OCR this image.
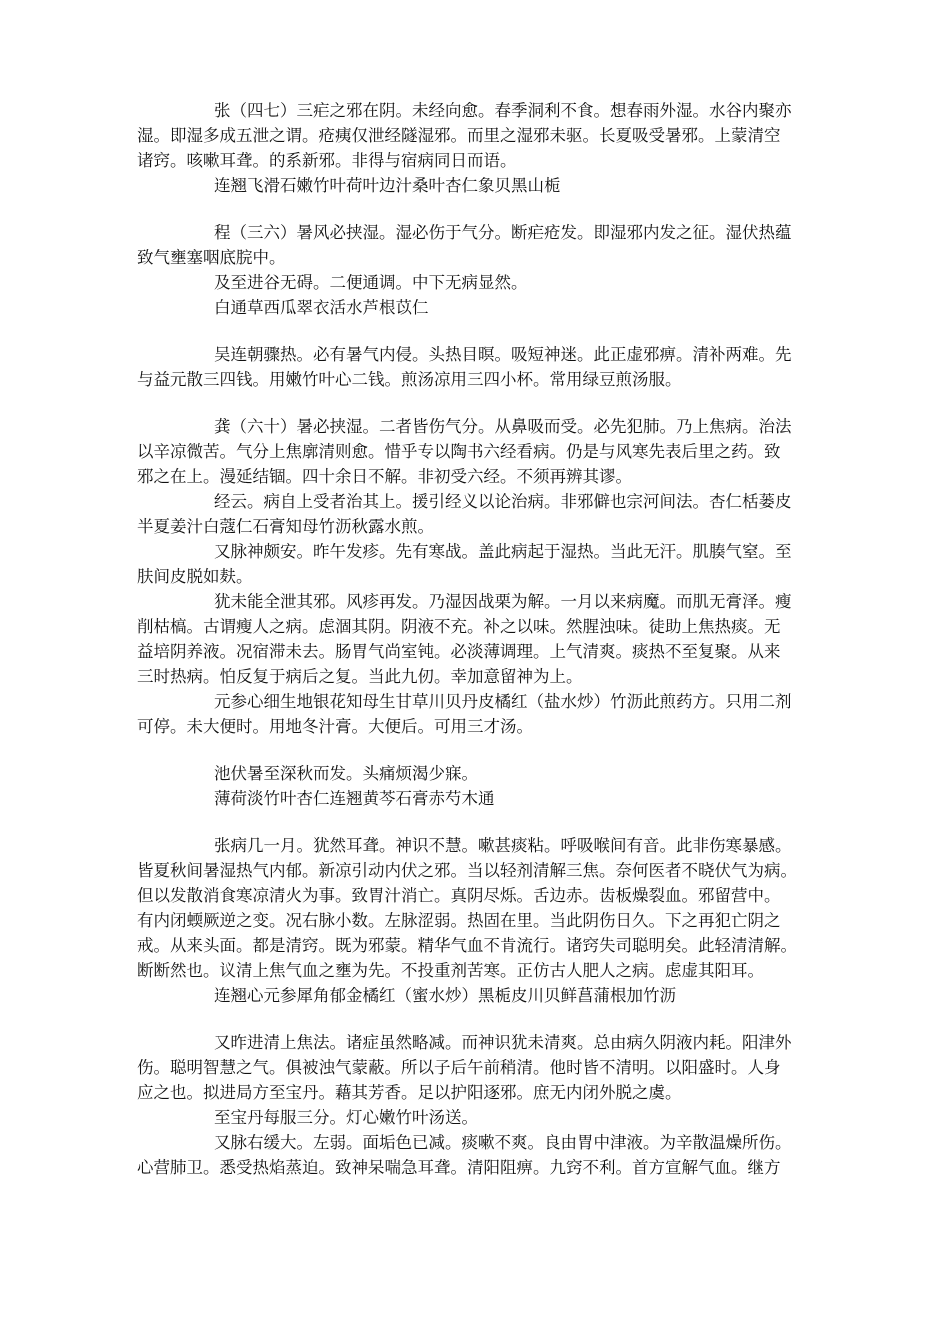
张（四七）三疟之邪在阴。未经向愈。春季洞利不食。想春雨外湿。水谷内聚亦
湿。即湿多成五泄之谓。疮痍仅泄经隧湿邪。而里之湿邪未驱。长夏吸受暑邪。上蒙清空
诸窍。咳嗽耳聋。的系新邪。非得与宿病同日而语。
连翘飞滑石嫩竹叶荷叶边汁桑叶杏仁象贝黑山栀
程（三六）暑风必挟湿。湿必伤于气分。断疟疮发。即湿邪内发之征。湿伏热蕴
致气壅塞咽底脘中。
及至进谷无碍。二便通调。中下无病显然。
白通草西瓜翠衣活水芦根苡仁
吴连朝骤热。必有暑气内侵。头热目暝。吸短神迷。此正虚邪痹。清补两难。先
与益元散三四钱。用嫩竹叶心二钱。煎汤凉用三四小杯。常用绿豆煎汤服。
龚（六十）暑必挟湿。二者皆伤气分。从鼻吸而受。必先犯肺。乃上焦病。治法
以辛凉微苦。气分上焦廓清则愈。惜乎专以陶书六经看病。仍是与风寒先表后里之药。致
邪之在上。漫延结锢。四十余日不解。非初受六经。不须再辨其谬。
经云。病自上受者治其上。援引经义以论治病。非邪僻也宗河间法。杏仁栝蒌皮
半夏姜汁白蔻仁石膏知母竹沥秋露水煎。
又脉神颇安。昨午发疹。先有寒战。盖此病起于湿热。当此无汗。肌腠气窒。至
肤间皮脱如麸。
犹未能全泄其邪。风疹再发。乃湿因战栗为解。一月以来病魔。而肌无膏泽。瘦
削枯槁。古谓瘦人之病。虑涸其阴。阴液不充。补之以味。然腥浊味。徒助上焦热痰。无
益培阴养液。况宿滞未去。肠胃气尚室钝。必淡薄调理。上气清爽。痰热不至复聚。从来
三时热病。怕反复于病后之复。当此九仞。幸加意留神为上。
元参心细生地银花知母生甘草川贝丹皮橘红（盐水炒）竹沥此煎药方。只用二剂
可停。未大便时。用地冬汁膏。大便后。可用三才汤。
池伏暑至深秋而发。头痛烦渴少寐。
薄荷淡竹叶杏仁连翘黄芩石膏赤芍木通
张病几一月。犹然耳聋。神识不慧。嗽甚痰粘。呼吸喉间有音。此非伤寒暴感。
皆夏秋间暑湿热气内郁。新凉引动内伏之邪。当以轻剂清解三焦。奈何医者不晓伏气为病。
但以发散消食寒凉清火为事。致胃汁消亡。真阴尽烁。舌边赤。齿板燥裂血。邪留营中。
有内闭蝡厥逆之变。况右脉小数。左脉涩弱。热固在里。当此阴伤日久。下之再犯亡阴之
戒。从来头面。都是清窍。既为邪蒙。精华气血不肯流行。诸窍失司聪明矣。此轻清清解。
断断然也。议清上焦气血之壅为先。不投重剂苦寒。正仿古人肥人之病。虑虚其阳耳。
连翘心元参犀角郁金橘红（蜜水炒）黑栀皮川贝鲜菖蒲根加竹沥
又昨进清上焦法。诸症虽然略减。而神识犹未清爽。总由病久阴液内耗。阳津外
伤。聪明智慧之气。俱被浊气蒙蔽。所以子后午前稍清。他时皆不清明。以阳盛时。人身
应之也。拟进局方至宝丹。藉其芳香。足以护阳逐邪。庶无内闭外脱之虞。
至宝丹每服三分。灯心嫩竹叶汤送。
又脉右缓大。左弱。面垢色已减。痰嗽不爽。良由胃中津液。为辛散温燥所伤。
心营肺卫。悉受热焰蒸迫。致神呆喘急耳聋。清阳阻痹。九窍不利。首方宣解气血。继方
